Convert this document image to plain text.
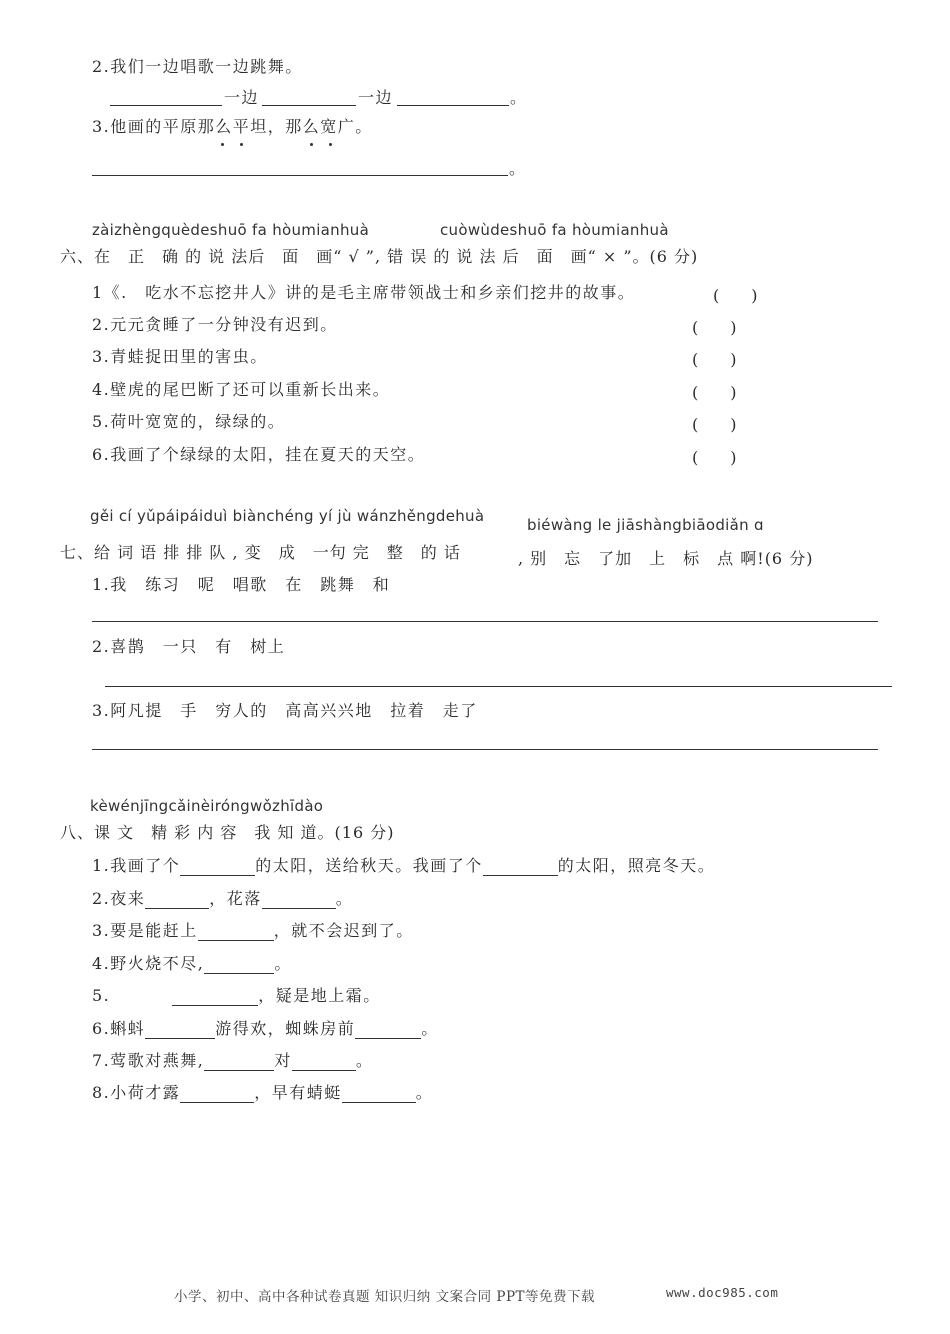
2.我们一边唱歌一边跳舞。
一边	一边	。
3.他画的平原那么平坦，那么宽广。
。
zàizhèngquèdeshuō fa hòumianhuà	cuòwùdeshuō fa hòumianhuà
六、在　正　确 的 说 法后　面　画“ √ ”, 错 误 的 说 法 后　面　画“ × ”。(6 分)
1《.　吃水不忘挖井人》讲的是毛主席带领战士和乡亲们挖井的故事。	(　　)
2.元元贪睡了一分钟没有迟到。	(　　)
3.青蛙捉田里的害虫。	(　　)
4.壁虎的尾巴断了还可以重新长出来。	(　　)
5.荷叶宽宽的，绿绿的。	(　　)
6.我画了个绿绿的太阳，挂在夏天的天空。	(　　)
gěi cí yǔpáipáiduì biànchéng yí jù wánzhěngdehuà	biéwàng le jiāshàngbiāodiǎn ɑ
七、给 词 语 排 排 队 , 变　成　一句 完　整　的 话	, 别　忘　了加　上　标　点 啊!(6 分)
1.我　练习　呢　唱歌　在　跳舞　和
2.喜鹊　一只　有　树上
3.阿凡提　手　穷人的　高高兴兴地　拉着　走了
kèwénjīngcǎinèiróngwǒzhīdào
八、课 文　精 彩 内 容　我 知 道。(16 分)
1.我画了个	的太阳，送给秋天。我画了个	的太阳，照亮冬天。
2.夜来	，花落	。
3.要是能赶上	，就不会迟到了。
4.野火烧不尽,	。
5.	，疑是地上霜。
6.蝌蚪	游得欢，蜘蛛房前	。
7.莺歌对燕舞,	对	。
8.小荷才露	，早有蜻蜓	。
小学、初中、高中各种试卷真题 知识归纳 文案合同 PPT等免费下载	www.doc985.com
